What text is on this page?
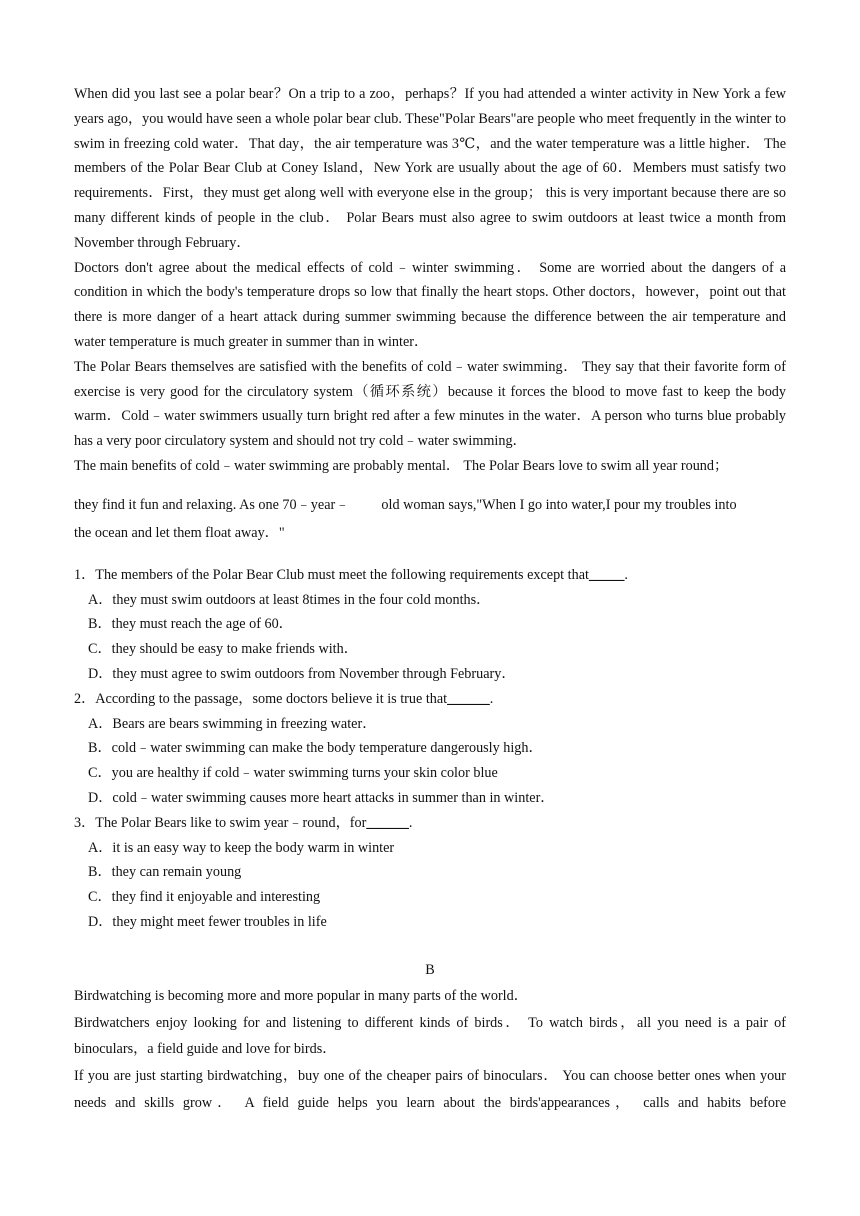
When did you last see a polar bear？On a trip to a zoo，perhaps？If you had attended a winter activity in New York a few years ago，you would have seen a whole polar bear club. These"Polar Bears"are people who meet frequently in the winter to swim in freezing cold water．That day，the air temperature was 3℃，and the water temperature was a little higher． The members of the Polar Bear Club at Coney Island，New York are usually about the age of 60．Members must satisfy two requirements．First，they must get along well with everyone else in the group； this is very important because there are so many different kinds of people in the club． Polar Bears must also agree to swim outdoors at least twice a month from November through February．

Doctors don't agree about the medical effects of cold﹣winter swimming． Some are worried about the dangers of a condition in which the body's temperature drops so low that finally the heart stops. Other doctors，however，point out that there is more danger of a heart attack during summer swimming because the difference between the air temperature and water temperature is much greater in summer than in winter．

The Polar Bears themselves are satisfied with the benefits of cold﹣water swimming． They say that their favorite form of exercise is very good for the circulatory system（循环系统）because it forces the blood to move fast to keep the body warm．Cold﹣water swimmers usually turn bright red after a few minutes in the water．A person who turns blue probably has a very poor circulatory system and should not try cold﹣water swimming．

The main benefits of cold﹣water swimming are probably mental． The Polar Bears love to swim all year round；

they find it fun and relaxing. As one 70﹣year﹣ old woman says,"When I go into water,I pour my troubles into

the ocean and let them float away．"

1．The members of the Polar Bear Club must meet the following requirements except that_____.

A．they must swim outdoors at least 8times in the four cold months．

B．they must reach the age of 60．

C．they should be easy to make friends with．

D．they must agree to swim outdoors from November through February．

2．According to the passage，some doctors believe it is true that______.

A．Bears are bears swimming in freezing water．

B．cold﹣water swimming can make the body temperature dangerously high．

C．you are healthy if cold﹣water swimming turns your skin color blue

D．cold﹣water swimming causes more heart attacks in summer than in winter．

3．The Polar Bears like to swim year﹣round，for______.

A．it is an easy way to keep the body warm in winter

B．they can remain young

C．they find it enjoyable and interesting

D．they might meet fewer troubles in life

B

Birdwatching is becoming more and more popular in many parts of the world．

Birdwatchers enjoy looking for and listening to different kinds of birds． To watch birds，all you need is a pair of binoculars，a field guide and love for birds．

If you are just starting birdwatching，buy one of the cheaper pairs of binoculars． You can choose better ones when your needs and skills grow． A field guide helps you learn about the birds'appearances， calls and habits before
